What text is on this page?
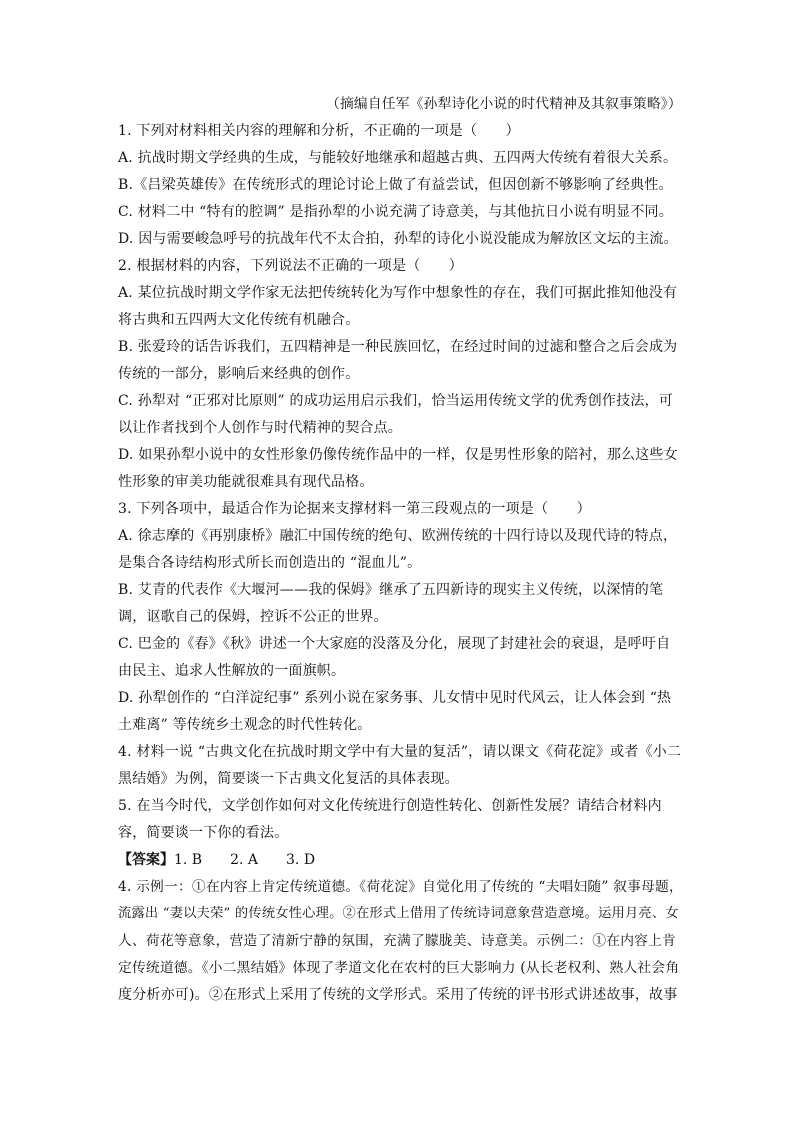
（摘编自任军《孙犁诗化小说的时代精神及其叙事策略》）
1. 下列对材料相关内容的理解和分析，不正确的一项是（　　）
A. 抗战时期文学经典的生成，与能较好地继承和超越古典、五四两大传统有着很大关系。
B.《吕梁英雄传》在传统形式的理论讨论上做了有益尝试，但因创新不够影响了经典性。
C. 材料二中 “特有的腔调” 是指孙犁的小说充满了诗意美，与其他抗日小说有明显不同。
D. 因与需要峻急呼号的抗战年代不太合拍，孙犁的诗化小说没能成为解放区文坛的主流。
2. 根据材料的内容，下列说法不正确的一项是（　　）
A. 某位抗战时期文学作家无法把传统转化为写作中想象性的存在，我们可据此推知他没有
将古典和五四两大文化传统有机融合。
B. 张爱玲的话告诉我们，五四精神是一种民族回忆，在经过时间的过滤和整合之后会成为
传统的一部分，影响后来经典的创作。
C. 孙犁对 “正邪对比原则” 的成功运用启示我们，恰当运用传统文学的优秀创作技法，可
以让作者找到个人创作与时代精神的契合点。
D. 如果孙犁小说中的女性形象仍像传统作品中的一样，仅是男性形象的陪衬，那么这些女
性形象的审美功能就很难具有现代品格。
3. 下列各项中，最适合作为论据来支撑材料一第三段观点的一项是（　　）
A. 徐志摩的《再别康桥》融汇中国传统的绝句、欧洲传统的十四行诗以及现代诗的特点，
是集合各诗结构形式所长而创造出的 “混血儿”。
B. 艾青的代表作《大堰河——我的保姆》继承了五四新诗的现实主义传统，以深情的笔
调，讴歌自己的保姆，控诉不公正的世界。
C. 巴金的《春》《秋》讲述一个大家庭的没落及分化，展现了封建社会的衰退，是呼吁自
由民主、追求人性解放的一面旗帜。
D. 孙犁创作的 “白洋淀纪事” 系列小说在家务事、儿女情中见时代风云，让人体会到 “热
土难离” 等传统乡土观念的时代性转化。
4. 材料一说 “古典文化在抗战时期文学中有大量的复活”，请以课文《荷花淀》或者《小二
黑结婚》为例，简要谈一下古典文化复活的具体表现。
5. 在当今时代，文学创作如何对文化传统进行创造性转化、创新性发展？请结合材料内
容，简要谈一下你的看法。
【答案】1. B　　2. A　　3. D
4. 示例一：①在内容上肯定传统道德。《荷花淀》自觉化用了传统的 “夫唱妇随” 叙事母题，
流露出 “妻以夫荣” 的传统女性心理。②在形式上借用了传统诗词意象营造意境。运用月亮、女
人、荷花等意象，营造了清新宁静的氛围，充满了朦胧美、诗意美。示例二：①在内容上肯
定传统道德。《小二黑结婚》体现了孝道文化在农村的巨大影响力 (从长老权利、熟人社会角
度分析亦可)。②在形式上采用了传统的文学形式。采用了传统的评书形式讲述故事，故事
